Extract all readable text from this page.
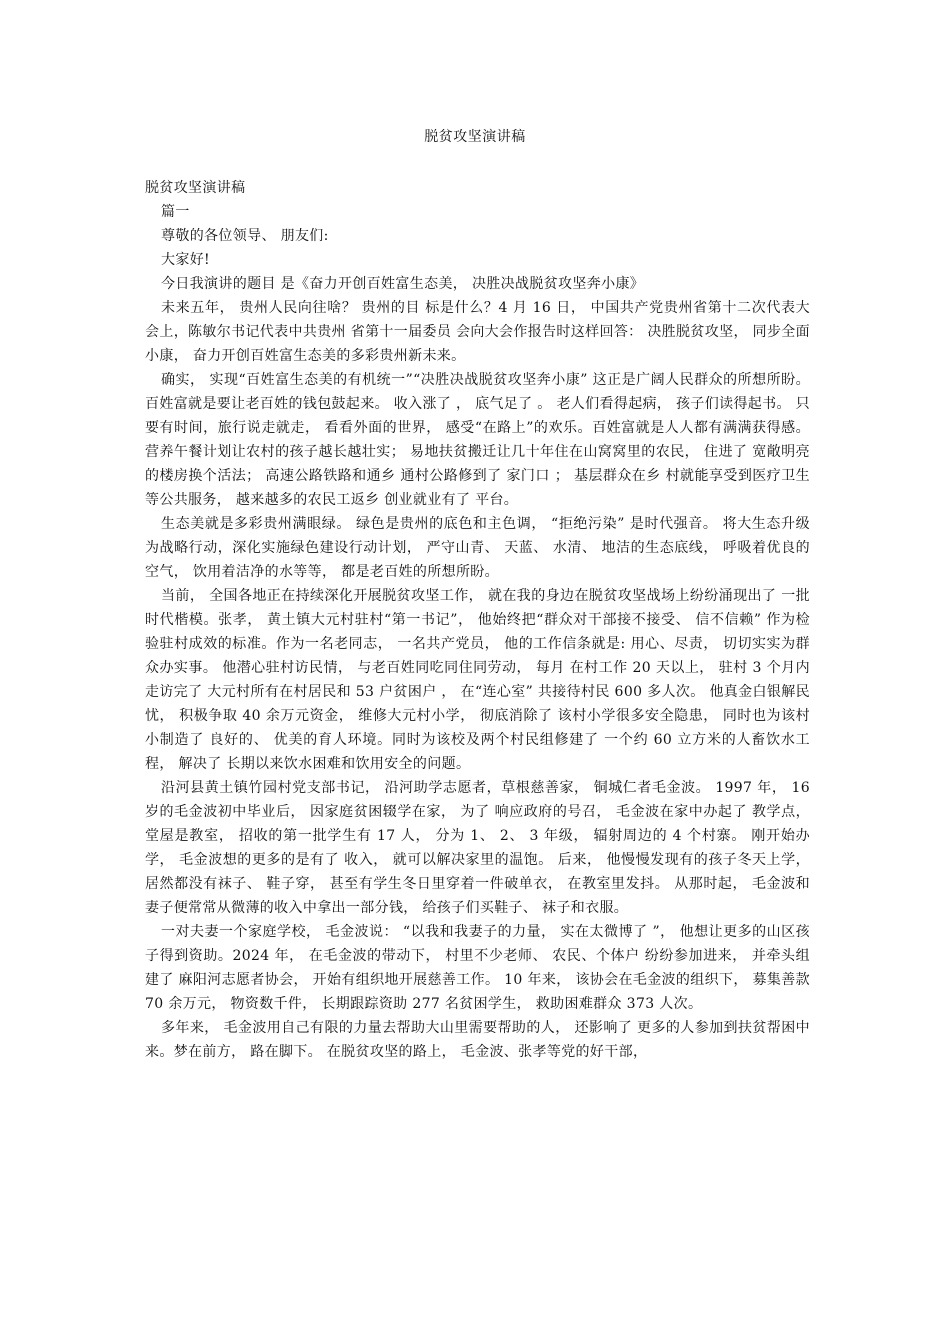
脱贫攻坚演讲稿

脱贫攻坚演讲稿

篇一

尊敬的各位领导、 朋友们:

大家好!

今日我演讲的题目 是《奋力开创百姓富生态美， 决胜决战脱贫攻坚奔小康》

未来五年， 贵州人民向往啥？ 贵州的目 标是什么？4 月 16 日， 中国共产党贵州省第十二次代表大会上，陈敏尔书记代表中共贵州 省第十一届委员 会向大会作报告时这样回答： 决胜脱贫攻坚， 同步全面小康， 奋力开创百姓富生态美的多彩贵州新未来。

确实， 实现“百姓富生态美的有机统一”“决胜决战脱贫攻坚奔小康” 这正是广阔人民群众的所想所盼。百姓富就是要让老百姓的钱包鼓起来。 收入涨了 ， 底气足了 。 老人们看得起病， 孩子们读得起书。 只要有时间，旅行说走就走， 看看外面的世界， 感受“在路上”的欢乐。百姓富就是人人都有满满获得感。 营养午餐计划让农村的孩子越长越壮实； 易地扶贫搬迁让几十年住在山窝窝里的农民， 住进了 宽敞明亮的楼房换个活法； 高速公路铁路和通乡 通村公路修到了 家门口 ； 基层群众在乡 村就能享受到医疗卫生等公共服务， 越来越多的农民工返乡 创业就业有了 平台。

生态美就是多彩贵州满眼绿。 绿色是贵州的底色和主色调， “拒绝污染” 是时代强音。 将大生态升级为战略行动，深化实施绿色建设行动计划， 严守山青、 天蓝、 水清、 地洁的生态底线， 呼吸着优良的空气， 饮用着洁净的水等等， 都是老百姓的所想所盼。

当前， 全国各地正在持续深化开展脱贫攻坚工作， 就在我的身边在脱贫攻坚战场上纷纷涌现出了 一批时代楷模。张孝， 黄土镇大元村驻村“第一书记”， 他始终把“群众对干部接不接受、 信不信赖” 作为检验驻村成效的标准。作为一名老同志， 一名共产党员， 他的工作信条就是: 用心、尽责， 切切实实为群众办实事。 他潜心驻村访民情， 与老百姓同吃同住同劳动， 每月 在村工作 20 天以上， 驻村 3 个月内走访完了 大元村所有在村居民和 53 户贫困户 ， 在“连心室” 共接待村民 600 多人次。 他真金白银解民忧， 积极争取 40 余万元资金， 维修大元村小学， 彻底消除了 该村小学很多安全隐患， 同时也为该村小制造了 良好的、 优美的育人环境。同时为该校及两个村民组修建了 一个约 60 立方米的人畜饮水工程， 解决了 长期以来饮水困难和饮用安全的问题。

沿河县黄土镇竹园村党支部书记， 沿河助学志愿者，草根慈善家， 铜城仁者毛金波。 1997 年， 16 岁的毛金波初中毕业后， 因家庭贫困辍学在家， 为了 响应政府的号召， 毛金波在家中办起了 教学点， 堂屋是教室， 招收的第一批学生有 17 人， 分为 1、 2、 3 年级， 辐射周边的 4 个村寨。 刚开始办学， 毛金波想的更多的是有了 收入， 就可以解决家里的温饱。 后来， 他慢慢发现有的孩子冬天上学， 居然都没有袜子、 鞋子穿， 甚至有学生冬日里穿着一件破单衣， 在教室里发抖。 从那时起， 毛金波和妻子便常常从微薄的收入中拿出一部分钱， 给孩子们买鞋子、 袜子和衣服。

一对夫妻一个家庭学校， 毛金波说： “以我和我妻子的力量， 实在太微博了 ”， 他想让更多的山区孩子得到资助。2024 年， 在毛金波的带动下， 村里不少老师、 农民、个体户 纷纷参加进来， 并牵头组建了 麻阳河志愿者协会， 开始有组织地开展慈善工作。 10 年来， 该协会在毛金波的组织下， 募集善款 70 余万元， 物资数千件， 长期跟踪资助 277 名贫困学生， 救助困难群众 373 人次。

多年来， 毛金波用自己有限的力量去帮助大山里需要帮助的人， 还影响了 更多的人参加到扶贫帮困中来。梦在前方， 路在脚下。 在脱贫攻坚的路上， 毛金波、张孝等党的好干部，
